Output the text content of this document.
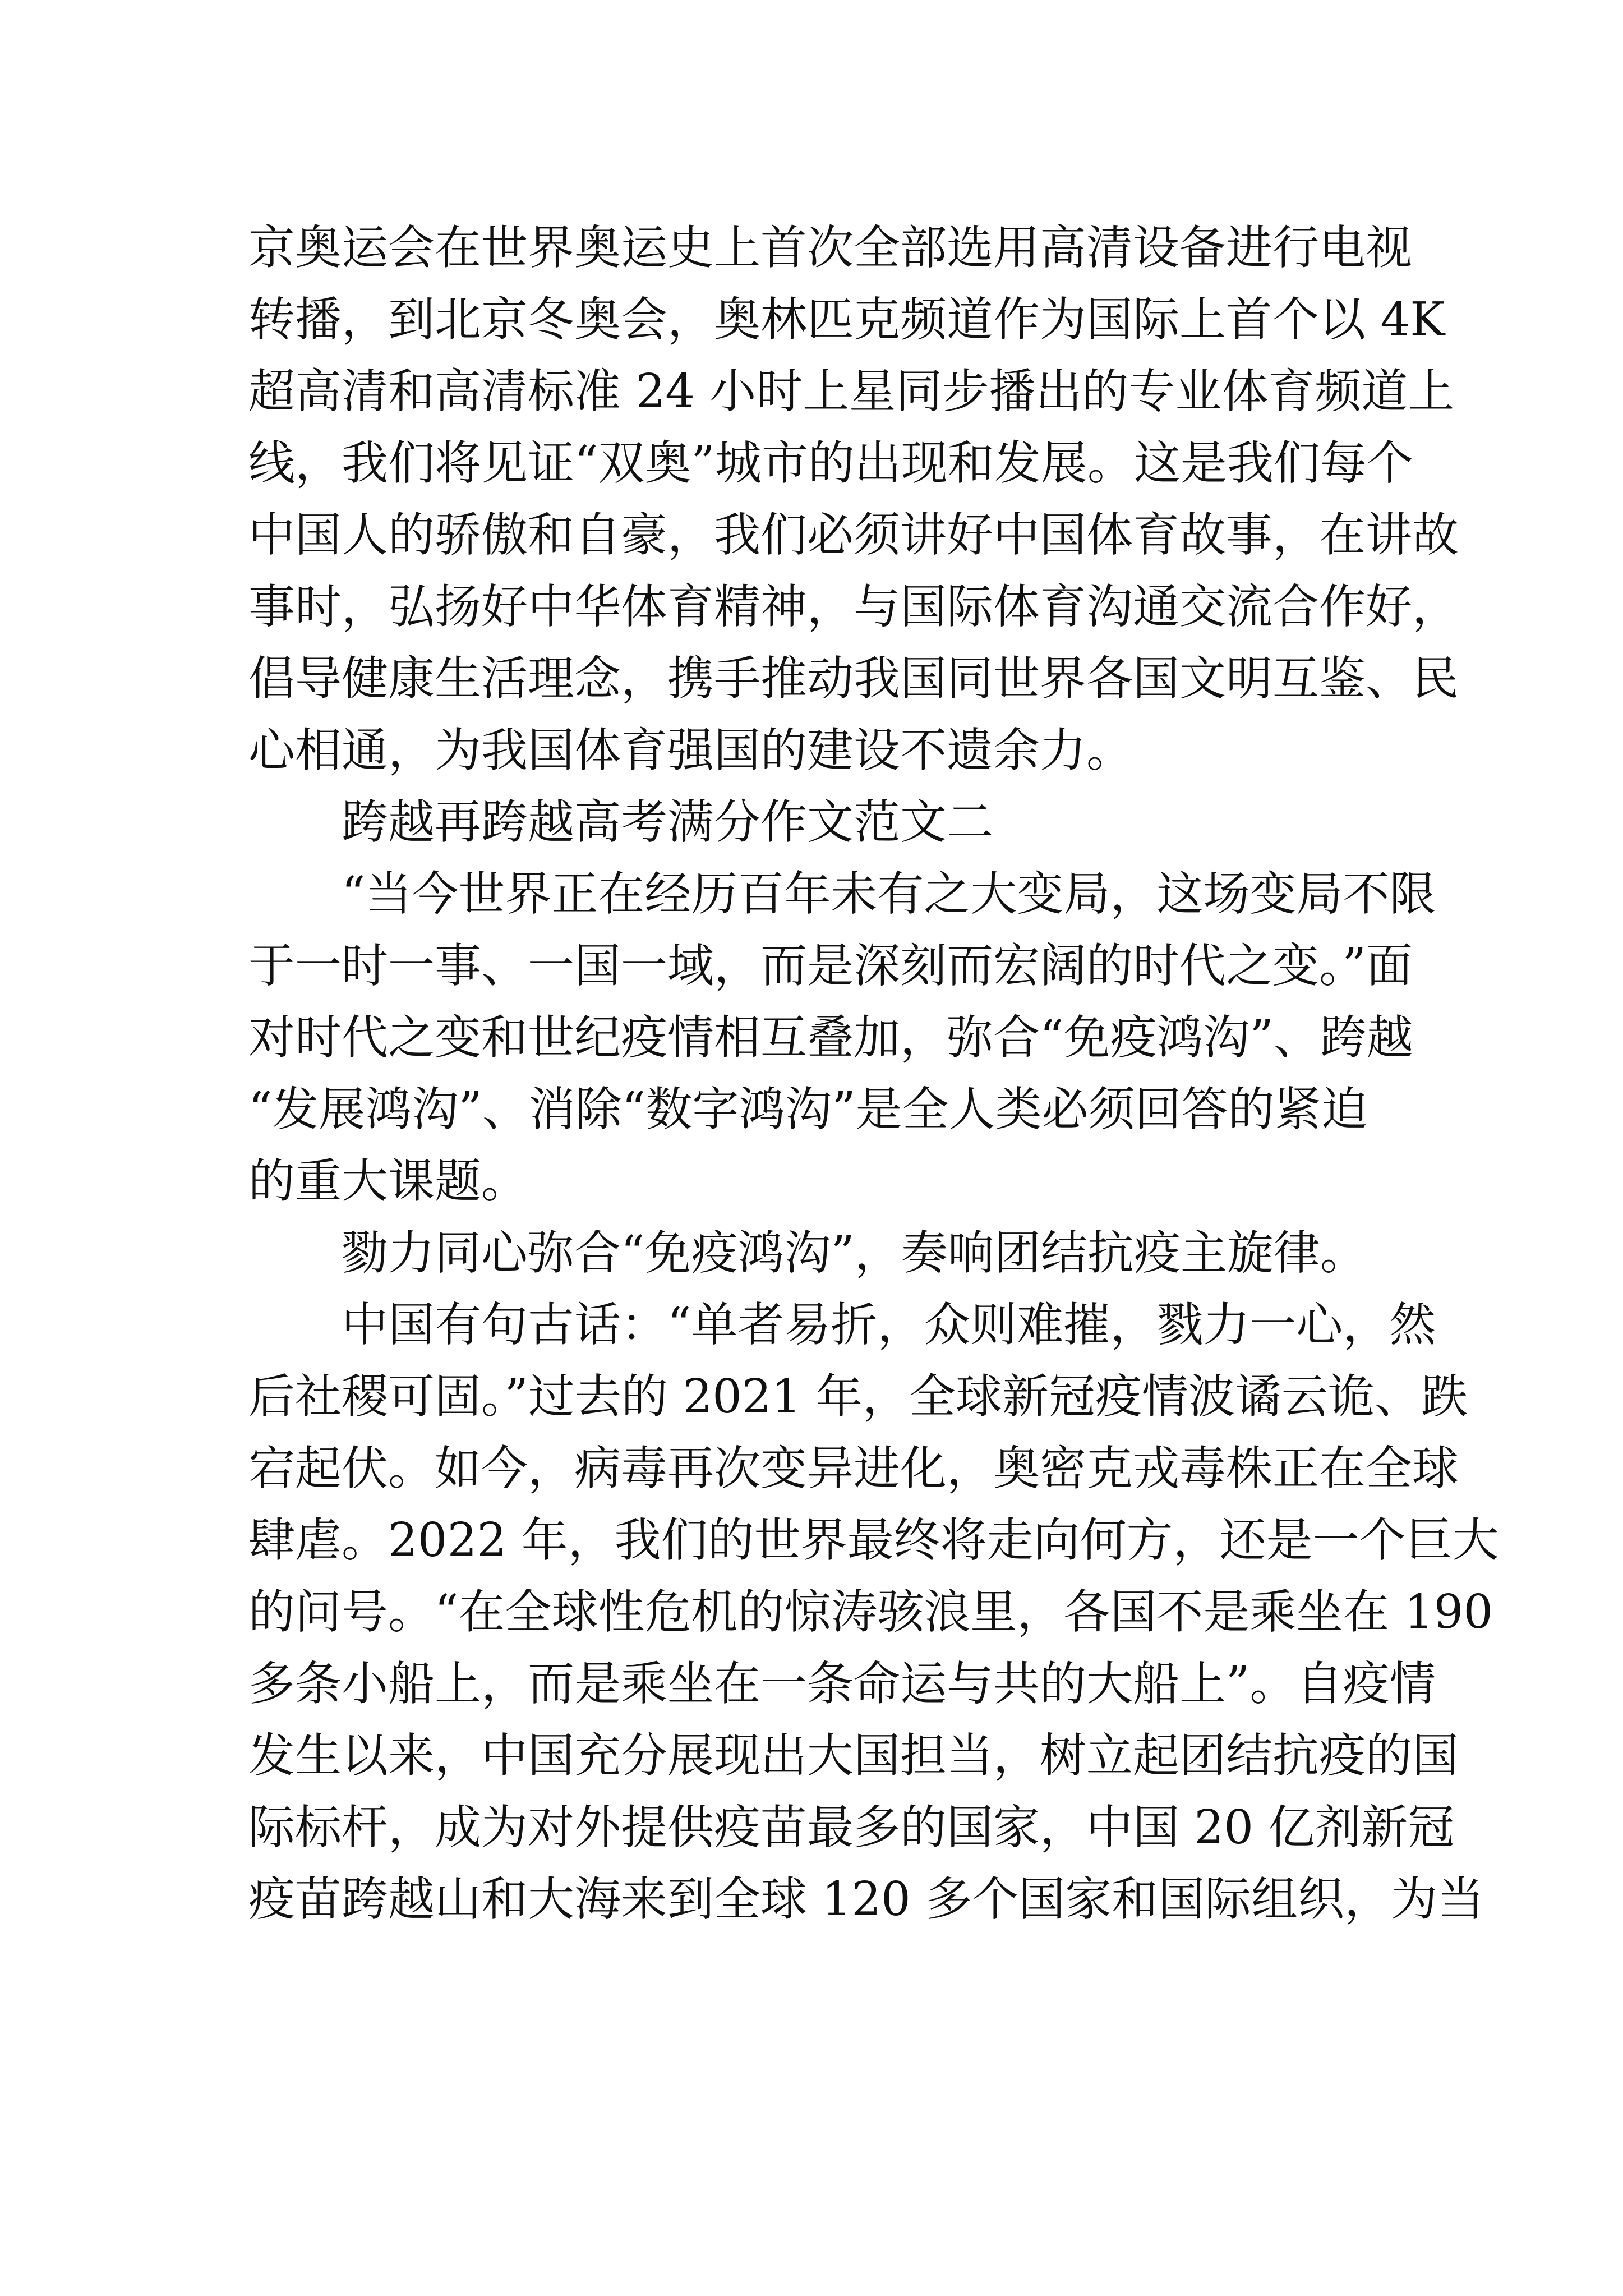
京奥运会在世界奥运史上首次全部选用高清设备进行电视
转播，到北京冬奥会，奥林匹克频道作为国际上首个以 4K
超高清和高清标准 24 小时上星同步播出的专业体育频道上
线，我们将见证“双奥”城市的出现和发展。这是我们每个
中国人的骄傲和自豪，我们必须讲好中国体育故事，在讲故
事时，弘扬好中华体育精神，与国际体育沟通交流合作好，
倡导健康生活理念，携手推动我国同世界各国文明互鉴、民
心相通，为我国体育强国的建设不遗余力。
　　跨越再跨越高考满分作文范文二
　　“当今世界正在经历百年未有之大变局，这场变局不限
于一时一事、一国一域，而是深刻而宏阔的时代之变。”面
对时代之变和世纪疫情相互叠加，弥合“免疫鸿沟”、跨越
“发展鸿沟”、消除“数字鸿沟”是全人类必须回答的紧迫
的重大课题。
　　勠力同心弥合“免疫鸿沟”，奏响团结抗疫主旋律。
　　中国有句古话：“单者易折，众则难摧，戮力一心，然
后社稷可固。”过去的 2021 年，全球新冠疫情波谲云诡、跌
宕起伏。如今，病毒再次变异进化，奥密克戎毒株正在全球
肆虐。2022 年，我们的世界最终将走向何方，还是一个巨大
的问号。“在全球性危机的惊涛骇浪里，各国不是乘坐在 190
多条小船上，而是乘坐在一条命运与共的大船上”。自疫情
发生以来，中国充分展现出大国担当，树立起团结抗疫的国
际标杆，成为对外提供疫苗最多的国家，中国 20 亿剂新冠
疫苗跨越山和大海来到全球 120 多个国家和国际组织，为当
